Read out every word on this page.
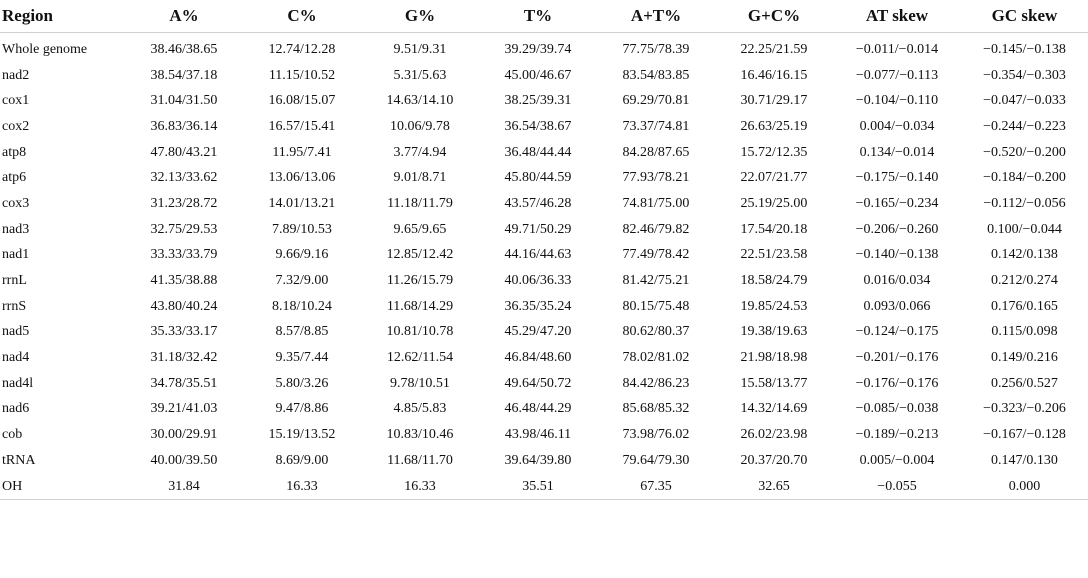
Region	A%	C%	G%	T%	A+T%	G+C%	AT skew	GC skew
Whole genome	38.46/38.65	12.74/12.28	9.51/9.31	39.29/39.74	77.75/78.39	22.25/21.59	−0.011/−0.014	−0.145/−0.138
nad2	38.54/37.18	11.15/10.52	5.31/5.63	45.00/46.67	83.54/83.85	16.46/16.15	−0.077/−0.113	−0.354/−0.303
cox1	31.04/31.50	16.08/15.07	14.63/14.10	38.25/39.31	69.29/70.81	30.71/29.17	−0.104/−0.110	−0.047/−0.033
cox2	36.83/36.14	16.57/15.41	10.06/9.78	36.54/38.67	73.37/74.81	26.63/25.19	0.004/−0.034	−0.244/−0.223
atp8	47.80/43.21	11.95/7.41	3.77/4.94	36.48/44.44	84.28/87.65	15.72/12.35	0.134/−0.014	−0.520/−0.200
atp6	32.13/33.62	13.06/13.06	9.01/8.71	45.80/44.59	77.93/78.21	22.07/21.77	−0.175/−0.140	−0.184/−0.200
cox3	31.23/28.72	14.01/13.21	11.18/11.79	43.57/46.28	74.81/75.00	25.19/25.00	−0.165/−0.234	−0.112/−0.056
nad3	32.75/29.53	7.89/10.53	9.65/9.65	49.71/50.29	82.46/79.82	17.54/20.18	−0.206/−0.260	0.100/−0.044
nad1	33.33/33.79	9.66/9.16	12.85/12.42	44.16/44.63	77.49/78.42	22.51/23.58	−0.140/−0.138	0.142/0.138
rrnL	41.35/38.88	7.32/9.00	11.26/15.79	40.06/36.33	81.42/75.21	18.58/24.79	0.016/0.034	0.212/0.274
rrnS	43.80/40.24	8.18/10.24	11.68/14.29	36.35/35.24	80.15/75.48	19.85/24.53	0.093/0.066	0.176/0.165
nad5	35.33/33.17	8.57/8.85	10.81/10.78	45.29/47.20	80.62/80.37	19.38/19.63	−0.124/−0.175	0.115/0.098
nad4	31.18/32.42	9.35/7.44	12.62/11.54	46.84/48.60	78.02/81.02	21.98/18.98	−0.201/−0.176	0.149/0.216
nad4l	34.78/35.51	5.80/3.26	9.78/10.51	49.64/50.72	84.42/86.23	15.58/13.77	−0.176/−0.176	0.256/0.527
nad6	39.21/41.03	9.47/8.86	4.85/5.83	46.48/44.29	85.68/85.32	14.32/14.69	−0.085/−0.038	−0.323/−0.206
cob	30.00/29.91	15.19/13.52	10.83/10.46	43.98/46.11	73.98/76.02	26.02/23.98	−0.189/−0.213	−0.167/−0.128
tRNA	40.00/39.50	8.69/9.00	11.68/11.70	39.64/39.80	79.64/79.30	20.37/20.70	0.005/−0.004	0.147/0.130
OH	31.84	16.33	16.33	35.51	67.35	32.65	−0.055	0.000
